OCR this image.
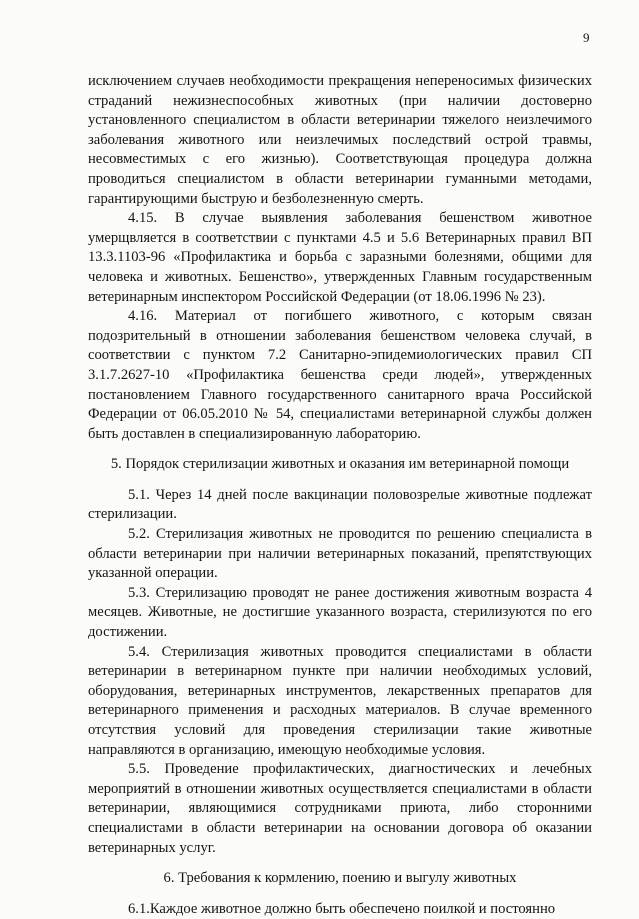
9

исключением случаев необходимости прекращения непереносимых физических страданий нежизнеспособных животных (при наличии достоверно установленного специалистом в области ветеринарии тяжелого неизлечимого заболевания животного или неизлечимых последствий острой травмы, несовместимых с его жизнью). Соответствующая процедура должна проводиться специалистом в области ветеринарии гуманными методами, гарантирующими быструю и безболезненную смерть.

4.15. В случае выявления заболевания бешенством животное умерщвляется в соответствии с пунктами 4.5 и 5.6 Ветеринарных правил ВП 13.3.1103-96 «Профилактика и борьба с заразными болезнями, общими для человека и животных. Бешенство», утвержденных Главным государственным ветеринарным инспектором Российской Федерации (от 18.06.1996 № 23).

4.16. Материал от погибшего животного, с которым связан подозрительный в отношении заболевания бешенством человека случай, в соответствии с пунктом 7.2 Санитарно-эпидемиологических правил СП 3.1.7.2627-10 «Профилактика бешенства среди людей», утвержденных постановлением Главного государственного санитарного врача Российской Федерации от 06.05.2010 № 54, специалистами ветеринарной службы должен быть доставлен в специализированную лабораторию.

5. Порядок стерилизации животных и оказания им ветеринарной помощи

5.1. Через 14 дней после вакцинации половозрелые животные подлежат стерилизации.

5.2. Стерилизация животных не проводится по решению специалиста в области ветеринарии при наличии ветеринарных показаний, препятствующих указанной операции.

5.3. Стерилизацию проводят не ранее достижения животным возраста 4 месяцев. Животные, не достигшие указанного возраста, стерилизуются по его достижении.

5.4. Стерилизация животных проводится специалистами в области ветеринарии в ветеринарном пункте при наличии необходимых условий, оборудования, ветеринарных инструментов, лекарственных препаратов для ветеринарного применения и расходных материалов. В случае временного отсутствия условий для проведения стерилизации такие животные направляются в организацию, имеющую необходимые условия.

5.5. Проведение профилактических, диагностических и лечебных мероприятий в отношении животных осуществляется специалистами в области ветеринарии, являющимися сотрудниками приюта, либо сторонними специалистами в области ветеринарии на основании договора об оказании ветеринарных услуг.

6. Требования к кормлению, поению и выгулу животных

6.1.Каждое животное должно быть обеспечено поилкой и постоянно
